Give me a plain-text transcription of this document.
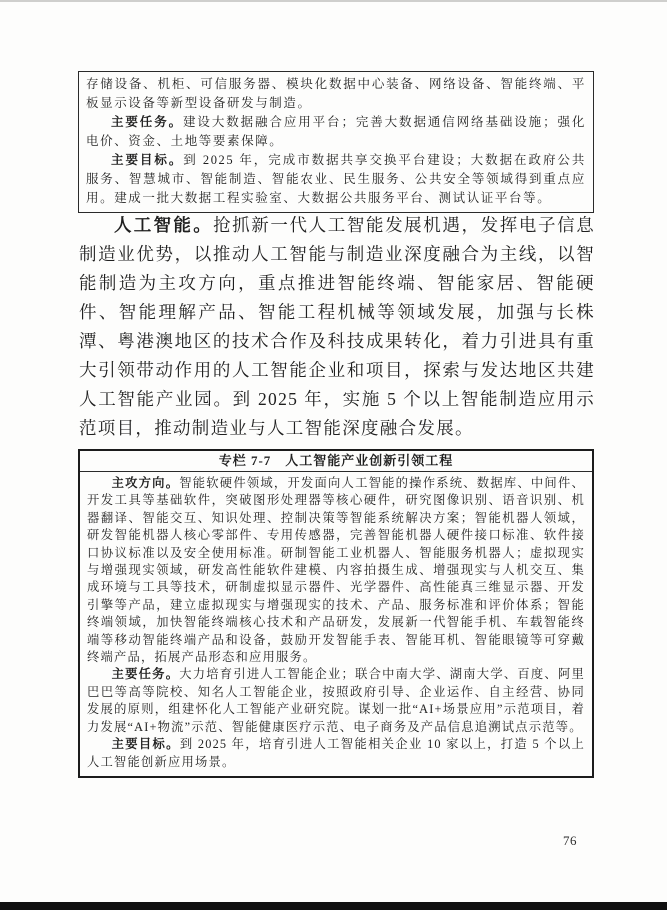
存储设备、机柜、可信服务器、模块化数据中心装备、网络设备、智能终端、平板显示设备等新型设备研发与制造。

主要任务。建设大数据融合应用平台；完善大数据通信网络基础设施；强化电价、资金、土地等要素保障。

主要目标。到 2025 年，完成市数据共享交换平台建设；大数据在政府公共服务、智慧城市、智能制造、智能农业、民生服务、公共安全等领域得到重点应用。建成一批大数据工程实验室、大数据公共服务平台、测试认证平台等。

人工智能。抢抓新一代人工智能发展机遇，发挥电子信息制造业优势，以推动人工智能与制造业深度融合为主线，以智能制造为主攻方向，重点推进智能终端、智能家居、智能硬件、智能理解产品、智能工程机械等领域发展，加强与长株潭、粤港澳地区的技术合作及科技成果转化，着力引进具有重大引领带动作用的人工智能企业和项目，探索与发达地区共建人工智能产业园。到 2025 年，实施 5 个以上智能制造应用示范项目，推动制造业与人工智能深度融合发展。

专栏 7-7　人工智能产业创新引领工程

主攻方向。智能软硬件领域，开发面向人工智能的操作系统、数据库、中间件、开发工具等基础软件，突破图形处理器等核心硬件，研究图像识别、语音识别、机器翻译、智能交互、知识处理、控制决策等智能系统解决方案；智能机器人领域，研发智能机器人核心零部件、专用传感器，完善智能机器人硬件接口标准、软件接口协议标准以及安全使用标准。研制智能工业机器人、智能服务机器人；虚拟现实与增强现实领域，研发高性能软件建模、内容拍摄生成、增强现实与人机交互、集成环境与工具等技术，研制虚拟显示器件、光学器件、高性能真三维显示器、开发引擎等产品，建立虚拟现实与增强现实的技术、产品、服务标准和评价体系；智能终端领域，加快智能终端核心技术和产品研发，发展新一代智能手机、车载智能终端等移动智能终端产品和设备，鼓励开发智能手表、智能耳机、智能眼镜等可穿戴终端产品，拓展产品形态和应用服务。

主要任务。大力培育引进人工智能企业；联合中南大学、湖南大学、百度、阿里巴巴等高等院校、知名人工智能企业，按照政府引导、企业运作、自主经营、协同发展的原则，组建怀化人工智能产业研究院。谋划一批“AI+场景应用”示范项目，着力发展“AI+物流”示范、智能健康医疗示范、电子商务及产品信息追溯试点示范等。

主要目标。到 2025 年，培育引进人工智能相关企业 10 家以上，打造 5 个以上人工智能创新应用场景。

76
